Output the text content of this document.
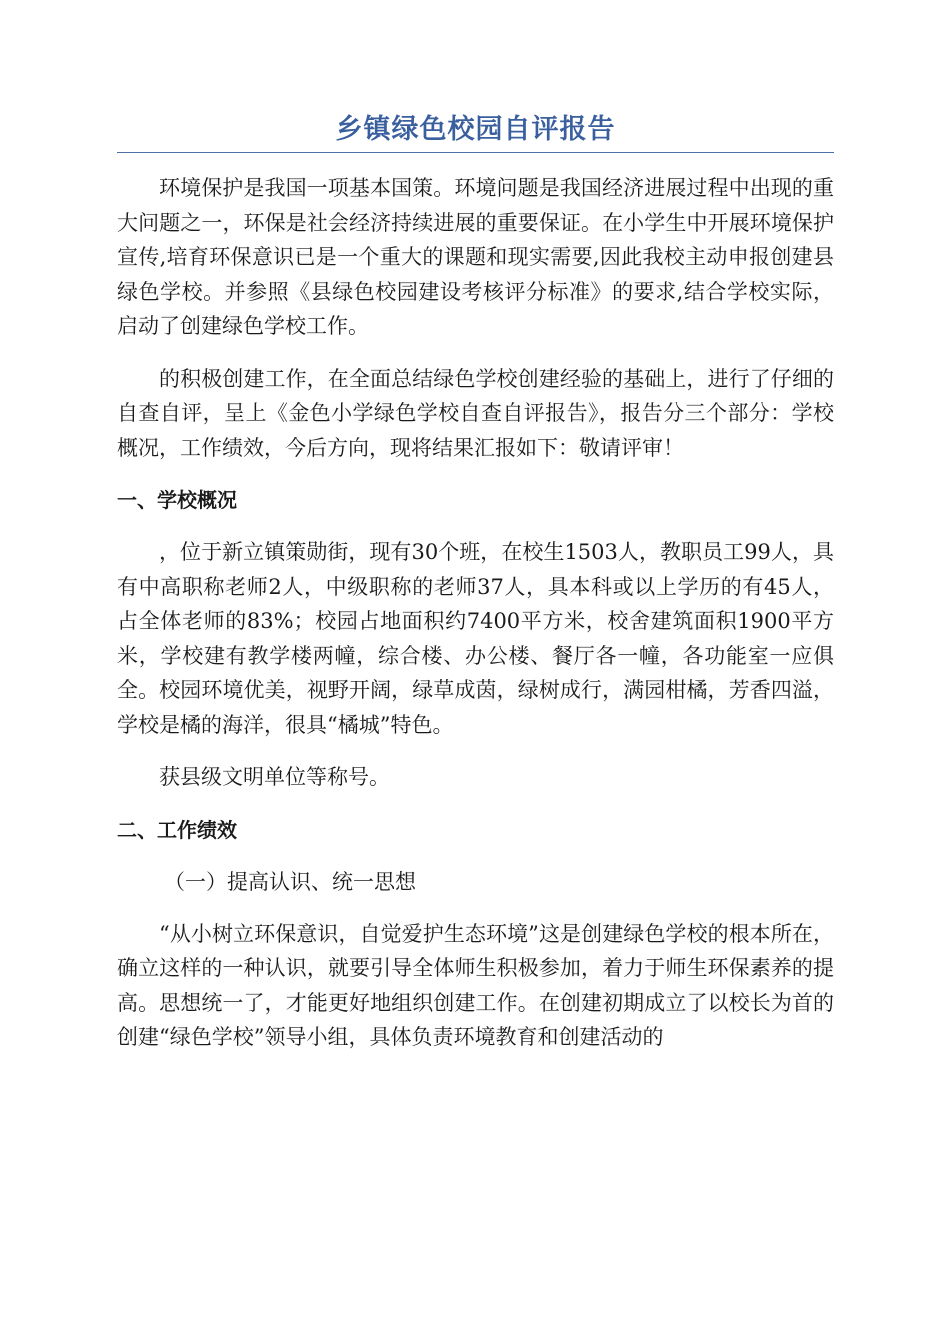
乡镇绿色校园自评报告

环境保护是我国一项基本国策。环境问题是我国经济进展过程中出现的重大问题之一，环保是社会经济持续进展的重要保证。在小学生中开展环境保护宣传,培育环保意识已是一个重大的课题和现实需要,因此我校主动申报创建县绿色学校。并参照《县绿色校园建设考核评分标准》的要求,结合学校实际，启动了创建绿色学校工作。

的积极创建工作，在全面总结绿色学校创建经验的基础上，进行了仔细的自查自评，呈上《金色小学绿色学校自查自评报告》，报告分三个部分：学校概况，工作绩效，今后方向，现将结果汇报如下：敬请评审！

一、学校概况

，位于新立镇策勋街，现有30个班，在校生1503人，教职员工99人，具有中高职称老师2人，中级职称的老师37人，具本科或以上学历的有45人，占全体老师的83%；校园占地面积约7400平方米，校舍建筑面积1900平方米，学校建有教学楼两幢，综合楼、办公楼、餐厅各一幢，各功能室一应俱全。校园环境优美，视野开阔，绿草成茵，绿树成行，满园柑橘，芳香四溢，学校是橘的海洋，很具“橘城”特色。

获县级文明单位等称号。

二、工作绩效
（一）提高认识、统一思想

“从小树立环保意识，自觉爱护生态环境”这是创建绿色学校的根本所在，确立这样的一种认识，就要引导全体师生积极参加，着力于师生环保素养的提高。思想统一了，才能更好地组织创建工作。在创建初期成立了以校长为首的创建“绿色学校”领导小组，具体负责环境教育和创建活动的
